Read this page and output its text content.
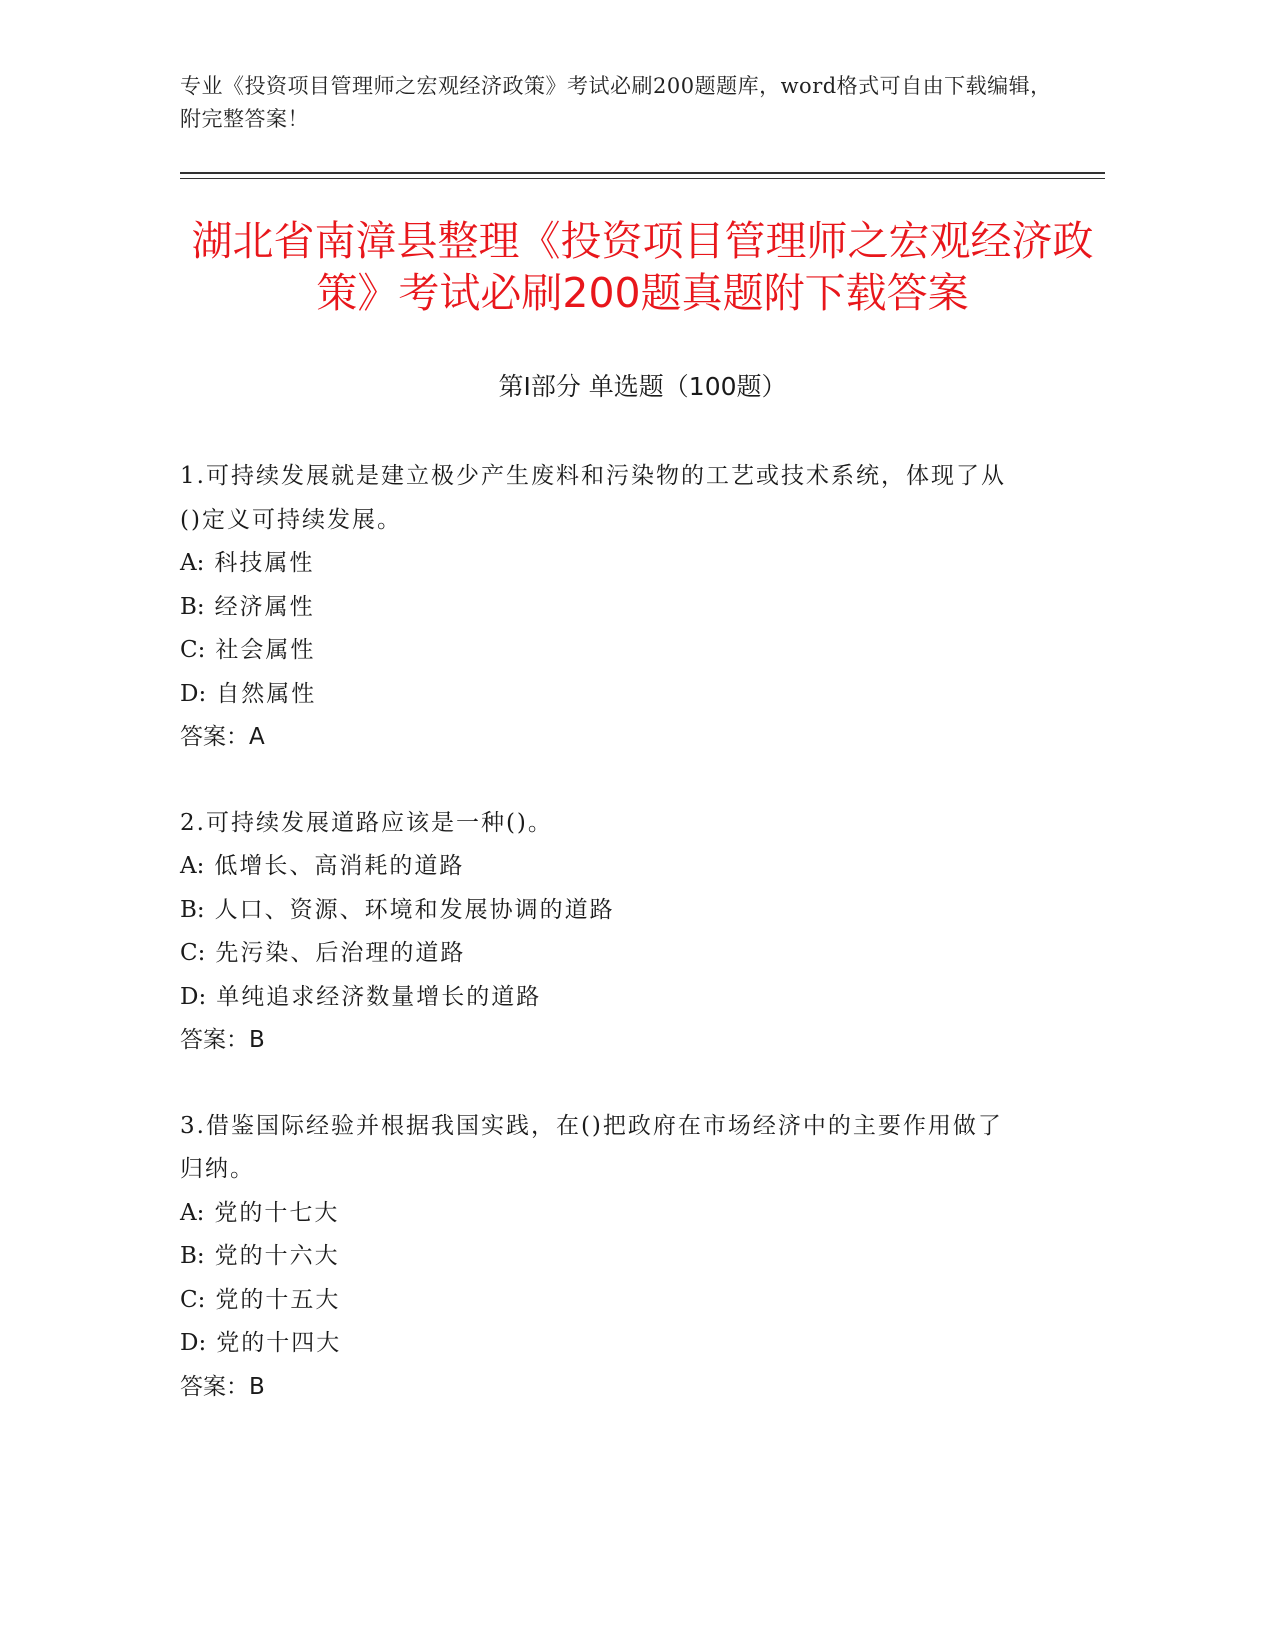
专业《投资项目管理师之宏观经济政策》考试必刷200题题库，word格式可自由下载编辑，附完整答案！
湖北省南漳县整理《投资项目管理师之宏观经济政策》考试必刷200题真题附下载答案
第Ⅰ部分 单选题（100题）
1.可持续发展就是建立极少产生废料和污染物的工艺或技术系统，体现了从()定义可持续发展。
A: 科技属性
B: 经济属性
C: 社会属性
D: 自然属性
答案：A
2.可持续发展道路应该是一种()。
A: 低增长、高消耗的道路
B: 人口、资源、环境和发展协调的道路
C: 先污染、后治理的道路
D: 单纯追求经济数量增长的道路
答案：B
3.借鉴国际经验并根据我国实践，在()把政府在市场经济中的主要作用做了归纳。
A: 党的十七大
B: 党的十六大
C: 党的十五大
D: 党的十四大
答案：B
